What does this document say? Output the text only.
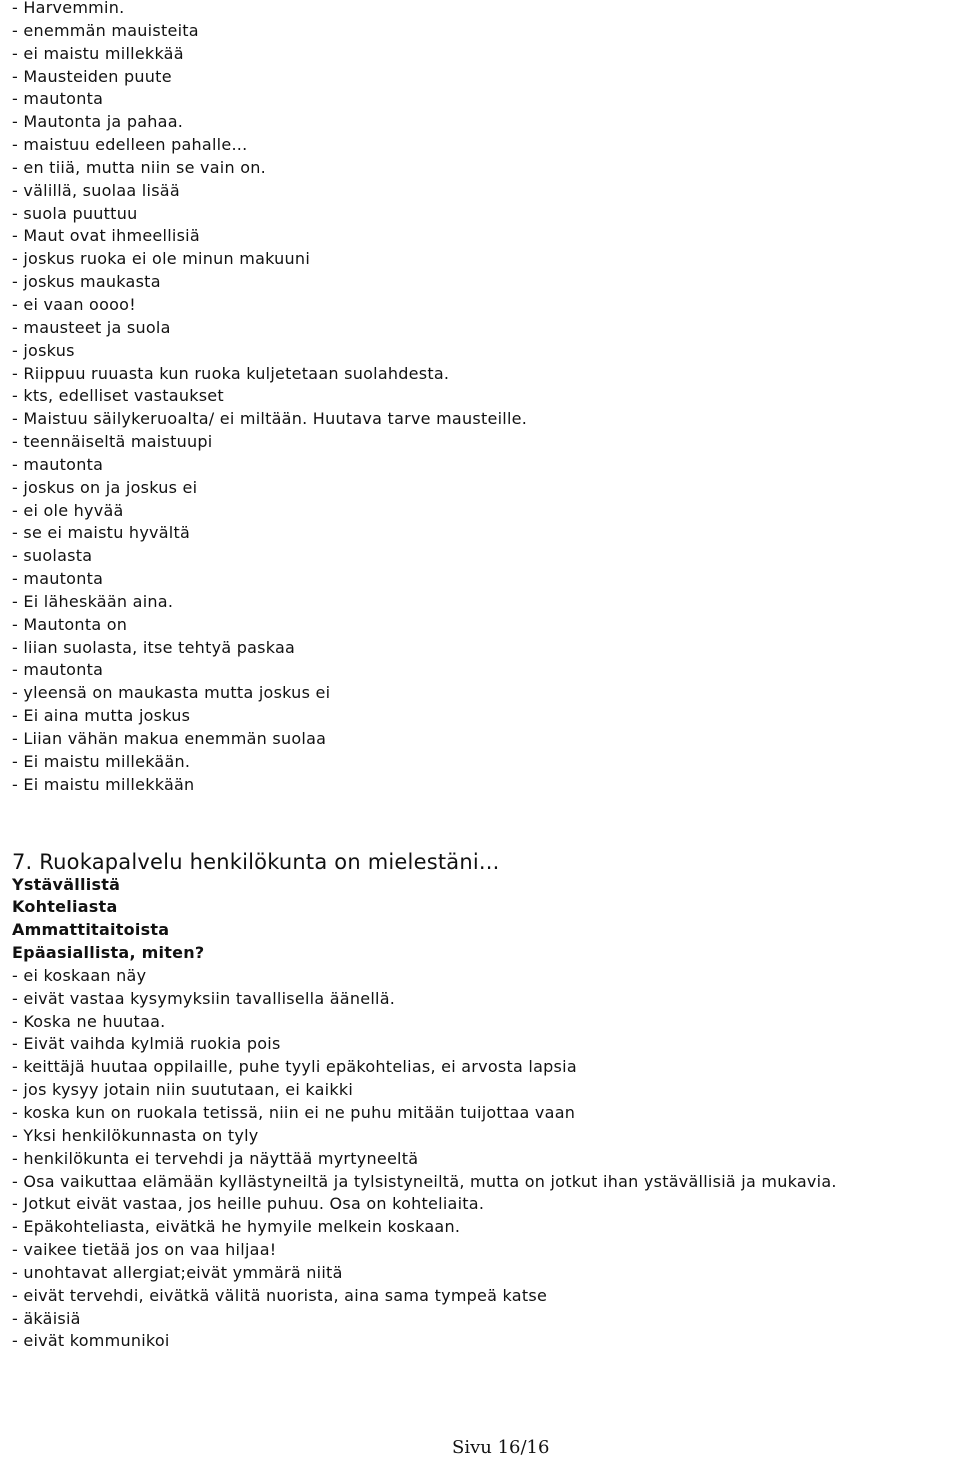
- Harvemmin.
- enemmän mauisteita
- ei maistu millekkää
- Mausteiden puute
- mautonta
- Mautonta ja pahaa.
- maistuu edelleen pahalle...
- en tiiä, mutta niin se vain on.
- välillä, suolaa lisää
- suola puuttuu
- Maut ovat ihmeellisiä
- joskus ruoka ei ole minun makuuni
- joskus maukasta
- ei vaan oooo!
- mausteet ja suola
- joskus
- Riippuu ruuasta kun ruoka kuljetetaan suolahdesta.
- kts, edelliset vastaukset
- Maistuu säilykeruoalta/ ei miltään. Huutava tarve mausteille.
- teennäiseltä maistuupi
- mautonta
- joskus on ja joskus ei
- ei ole hyvää
- se ei maistu hyvältä
- suolasta
- mautonta
- Ei läheskään aina.
- Mautonta on
- liian suolasta, itse tehtyä paskaa
- mautonta
- yleensä on maukasta mutta joskus ei
- Ei aina mutta joskus
- Liian vähän makua enemmän suolaa
- Ei maistu millekään.
- Ei maistu millekkään
7. Ruokapalvelu henkilökunta on mielestäni...
Ystävällistä
Kohteliasta
Ammattitaitoista
Epäasiallista, miten?
- ei koskaan näy
- eivät vastaa kysymyksiin tavallisella äänellä.
- Koska ne huutaa.
- Eivät vaihda kylmiä ruokia pois
- keittäjä huutaa oppilaille, puhe tyyli epäkohtelias, ei arvosta lapsia
- jos kysyy jotain niin suututaan, ei kaikki
- koska kun on ruokala tetissä, niin ei ne puhu mitään tuijottaa vaan
- Yksi henkilökunnasta on tyly
- henkilökunta ei tervehdi ja näyttää myrtyneeltä
- Osa vaikuttaa elämään kyllästyneiltä ja tylsistyneiltä, mutta on jotkut ihan ystävällisiä ja mukavia.
- Jotkut eivät vastaa, jos heille puhuu. Osa on kohteliaita.
- Epäkohteliasta, eivätkä he hymyile melkein koskaan.
- vaikee tietää jos on vaa hiljaa!
- unohtavat allergiat;eivät ymmärä niitä
- eivät tervehdi, eivätkä välitä nuorista, aina sama tympeä katse
- äkäisiä
- eivät kommunikoi
Sivu 16/16
